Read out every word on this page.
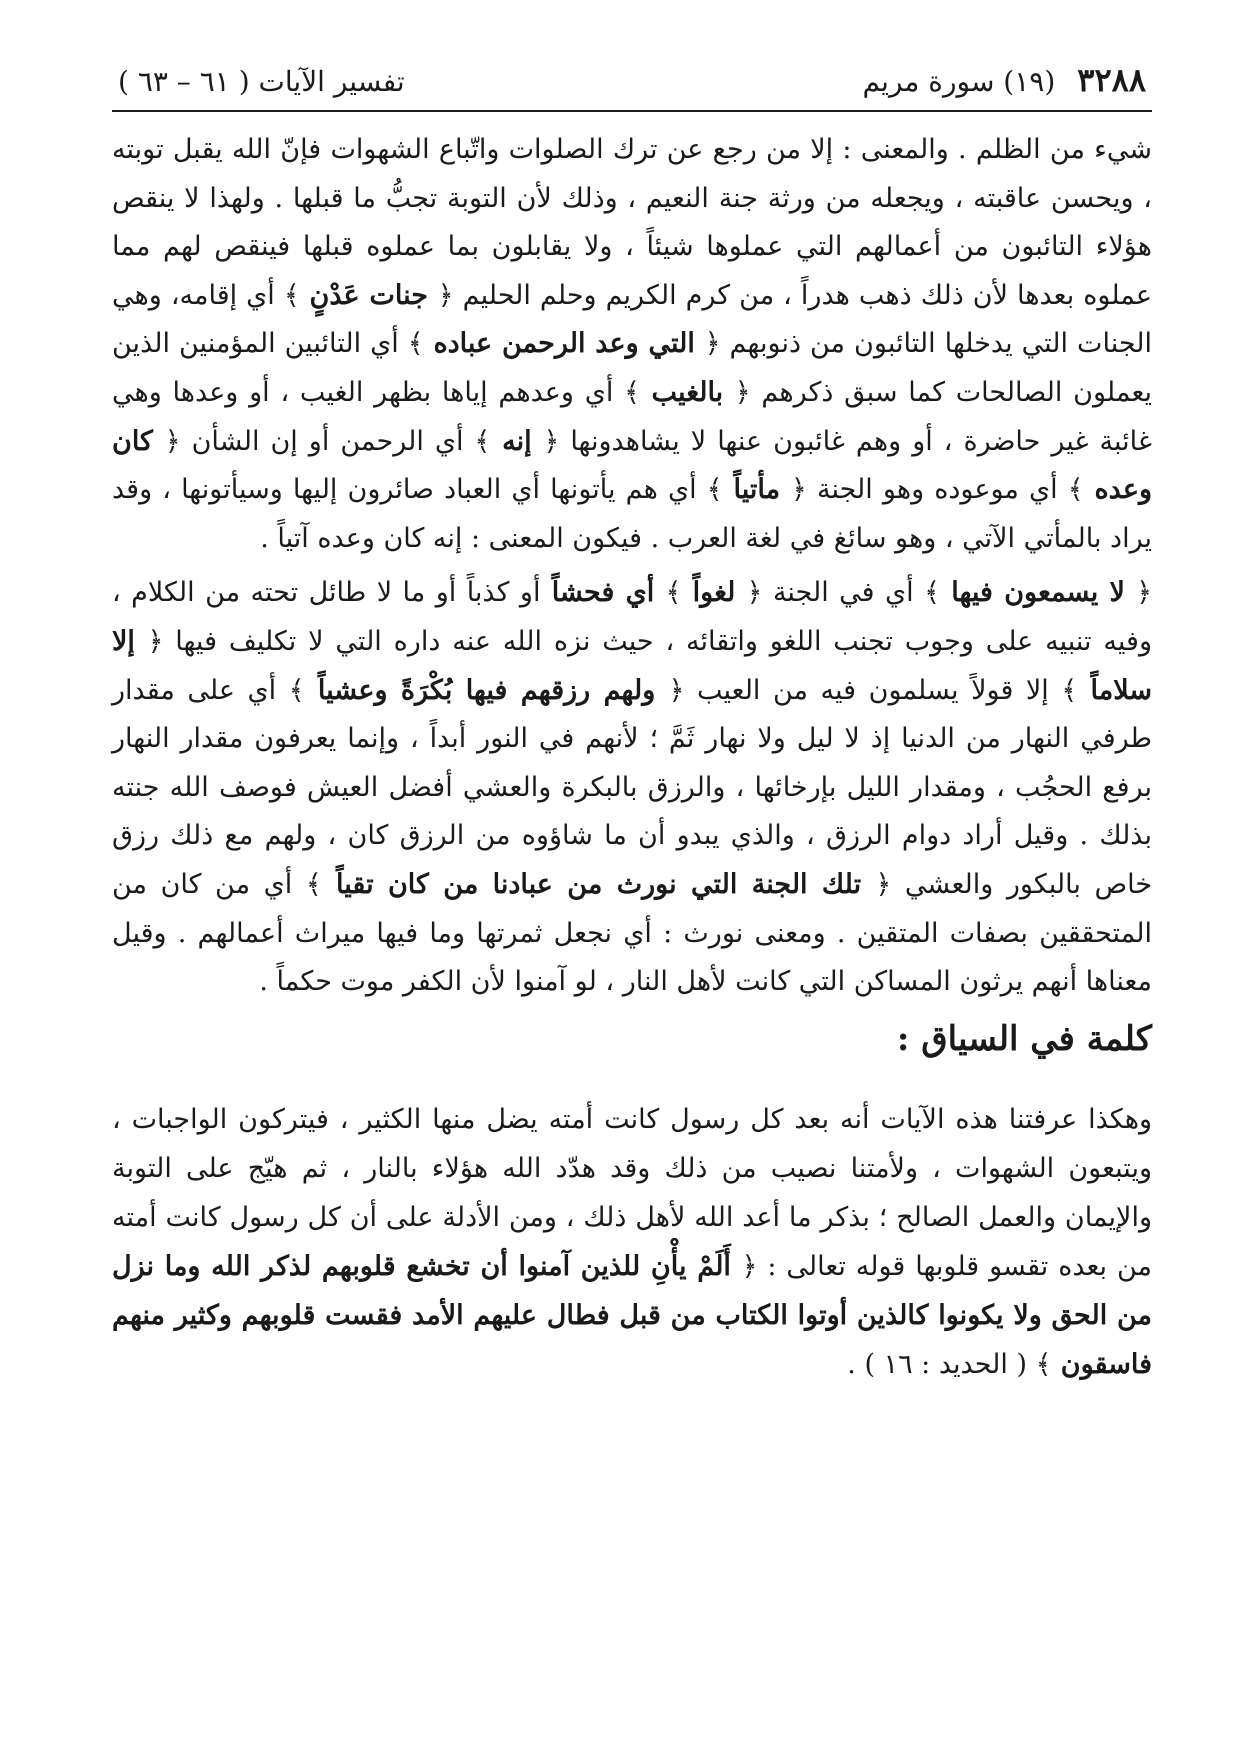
٣٢٨٨
(١٩) سورة مريم
تفسير الآيات ( ٦١ – ٦٣ )

شيء من الظلم . والمعنى : إلا من رجع عن ترك الصلوات واتّباع الشهوات فإنّ الله يقبل توبته ، ويحسن عاقبته ، ويجعله من ورثة جنة النعيم ، وذلك لأن التوبة تجبُّ ما قبلها . ولهذا لا ينقص هؤلاء التائبون من أعمالهم التي عملوها شيئاً ، ولا يقابلون بما عملوه قبلها فينقص لهم مما عملوه بعدها لأن ذلك ذهب هدراً ، من كرم الكريم وحلم الحليم ﴿ جنات عَدْنٍ ﴾ أي إقامه، وهي الجنات التي يدخلها التائبون من ذنوبهم ﴿ التي وعد الرحمن عباده ﴾ أي التائبين المؤمنين الذين يعملون الصالحات كما سبق ذكرهم ﴿ بالغيب ﴾ أي وعدهم إياها بظهر الغيب ، أو وعدها وهي غائبة غير حاضرة ، أو وهم غائبون عنها لا يشاهدونها ﴿ إنه ﴾ أي الرحمن أو إن الشأن ﴿ كان وعده ﴾ أي موعوده وهو الجنة ﴿ مأتياً ﴾ أي هم يأتونها أي العباد صائرون إليها وسيأتونها ، وقد يراد بالمأتي الآتي ، وهو سائغ في لغة العرب . فيكون المعنى : إنه كان وعده آتياً .

﴿ لا يسمعون فيها ﴾ أي في الجنة ﴿ لغواً ﴾ أي فحشاً أو كذباً أو ما لا طائل تحته من الكلام ، وفيه تنبيه على وجوب تجنب اللغو واتقائه ، حيث نزه الله عنه داره التي لا تكليف فيها ﴿ إلا سلاماً ﴾ إلا قولاً يسلمون فيه من العيب ﴿ ولهم رزقهم فيها بُكْرَةً وعشياً ﴾ أي على مقدار طرفي النهار من الدنيا إذ لا ليل ولا نهار ثَمَّ ؛ لأنهم في النور أبداً ، وإنما يعرفون مقدار النهار برفع الحجُب ، ومقدار الليل بإرخائها ، والرزق بالبكرة والعشي أفضل العيش فوصف الله جنته بذلك . وقيل أراد دوام الرزق ، والذي يبدو أن ما شاؤوه من الرزق كان ، ولهم مع ذلك رزق خاص بالبكور والعشي ﴿ تلك الجنة التي نورث من عبادنا من كان تقياً ﴾ أي من كان من المتحققين بصفات المتقين . ومعنى نورث : أي نجعل ثمرتها وما فيها ميراث أعمالهم . وقيل معناها أنهم يرثون المساكن التي كانت لأهل النار ، لو آمنوا لأن الكفر موت حكماً .

كلمة في السياق :

وهكذا عرفتنا هذه الآيات أنه بعد كل رسول كانت أمته يضل منها الكثير ، فيتركون الواجبات ، ويتبعون الشهوات ، ولأمتنا نصيب من ذلك وقد هدّد الله هؤلاء بالنار ، ثم هيّج على التوبة والإيمان والعمل الصالح ؛ بذكر ما أعد الله لأهل ذلك ، ومن الأدلة على أن كل رسول كانت أمته من بعده تقسو قلوبها قوله تعالى : ﴿ أَلَمْ يأْنِ للذين آمنوا أن تخشع قلوبهم لذكر الله وما نزل من الحق ولا يكونوا كالذين أوتوا الكتاب من قبل فطال عليهم الأمد فقست قلوبهم وكثير منهم فاسقون ﴾ ( الحديد : ١٦ ) .
